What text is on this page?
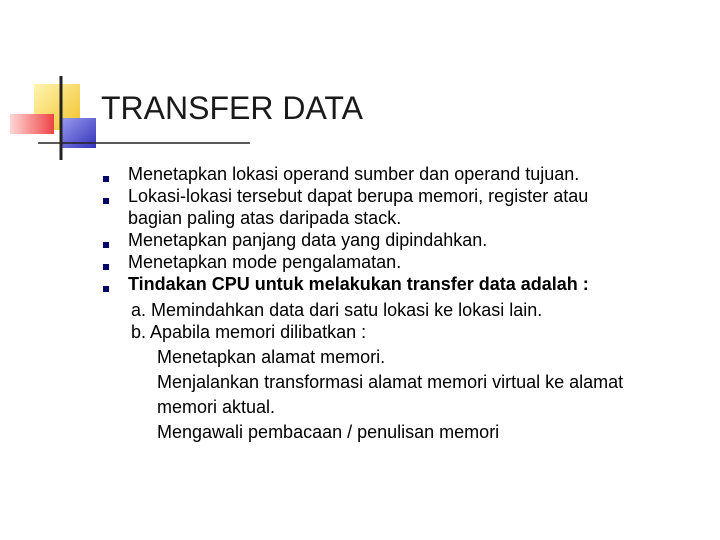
TRANSFER DATA
Menetapkan lokasi operand sumber dan operand tujuan.
Lokasi-lokasi tersebut dapat berupa memori, register atau
bagian paling atas daripada stack.
Menetapkan panjang data yang dipindahkan.
Menetapkan mode pengalamatan.
Tindakan CPU untuk melakukan transfer data adalah :
a. Memindahkan data dari satu lokasi ke lokasi lain.
b. Apabila memori dilibatkan :
Menetapkan alamat memori.
Menjalankan transformasi alamat memori virtual ke alamat
memori aktual.
Mengawali pembacaan / penulisan memori
